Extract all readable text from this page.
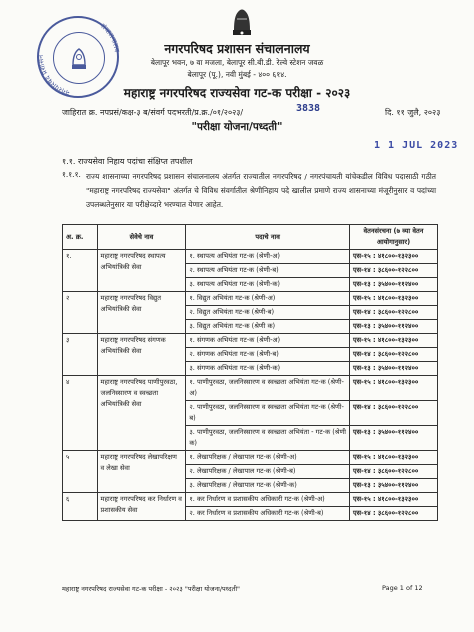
नगरपरिषद प्रशासन
संचालनालय	नगरपरिषद प्रशासन संचालनालय
बेलापूर भवन, ७ वा मजला, बेलापूर सी.बी.डी. रेल्वे स्टेशन जवळ
बेलापूर (पू.), नवी मुंबई - ४०० ६१४.
महाराष्ट्र नगरपरिषद राज्यसेवा गट-क परीक्षा - २०२३
जाहिरात क्र. नपप्रसं/कक्ष-३ ब/संवर्ग पदभरती/प्र.क्र./०१/२०२३/	3838	दि. ११ जुलै, २०२३
"परीक्षा योजना/पध्दती"
1 1 JUL 2023
१.१. राज्यसेवा निहाय पदांचा संक्षिप्त तपशील
१.१.१. राज्य शासनाच्या नगरपरिषद प्रशासन संचालनालय अंतर्गत राज्यातील नगरपरिषद / नगरपंचायती यांचेकडील विविध पदासाठी गठीत "महाराष्ट्र नगरपरिषद राज्यसेवा" अंतर्गत चे विविध संवर्गातील श्रेणीनिहाय पदे खालील प्रमाणे राज्य शासनाच्या मंजूरीनुसार व पदांच्या उपलब्धतेनुसार या परीक्षेव्दारे भरण्यात येणार आहेत.
अ. क्र.	सेवेचे नाव	पदाचे नाव	वेतनसंरचना (७ व्या वेतन आयोगानुसार)
१.	महाराष्ट्र नगरपरिषद स्थापत्य अभियांत्रिकी सेवा	१. स्थापत्य अभियंता गट-क (श्रेणी-अ)	एस-१५ : ४१८००-१३२३००
		२. स्थापत्य अभियंता गट-क (श्रेणी-ब)	एस-१४ : ३८६००-१२२८००
		३. स्थापत्य अभियंता गट-क (श्रेणी-क)	एस-१३ : ३५४००-११२४००
२	महाराष्ट्र नगरपरिषद विद्युत अभियांत्रिकी सेवा	१. विद्युत अभियंता गट-क (श्रेणी-अ)	एस-१५ : ४१८००-१३२३००
		२. विद्युत अभियंता गट-क (श्रेणी-ब)	एस-१४ : ३८६००-१२२८००
		३. विद्युत अभियंता गट-क (श्रेणी क)	एस-१३ : ३५४००-११२४००
३	महाराष्ट्र नगरपरिषद संगणक अभियांत्रिकी सेवा	१. संगणक अभियंता गट-क (श्रेणी-अ)	एस-१५ : ४१८००-१३२३००
		२. संगणक अभियंता गट-क (श्रेणी-ब)	एस-१४ : ३८६००-१२२८००
		३. संगणक अभियंता गट-क (श्रेणी-क)	एस-१३ : ३५४००-११२४००
४	महाराष्ट्र नगरपरिषद पाणीपुरवठा, जलनिस्सारण व स्वच्छता अभियांत्रिकी सेवा	१. पाणीपुरवठा, जलनिस्सारण व स्वच्छता अभियंता गट-क (श्रेणी-अ)	एस-१५ : ४१८००-१३२३००
		२. पाणीपुरवठा, जलनिस्सारण व स्वच्छता अभियंता गट-क (श्रेणी-ब)	एस-१४ : ३८६००-१२२८००
		३. पाणीपुरवठा, जलनिस्सारण व स्वच्छता अभियंता - गट-क (श्रेणी क)	एस-१३ : ३५४००-११२४००
५	महाराष्ट्र नगरपरिषद लेखापरिक्षण व लेखा सेवा	१. लेखापरिक्षक / लेखापाल गट-क (श्रेणी-अ)	एस-१५ : ४१८००-१३२३००
		२. लेखापरिक्षक / लेखापाल गट-क (श्रेणी-ब)	एस-१४ : ३८६००-१२२८००
		३. लेखापरिक्षक / लेखापाल गट-क (श्रेणी-क)	एस-१३ : ३५४००-११२४००
६	महाराष्ट्र नगरपरिषद कर निर्धारण व प्रशासकीय सेवा	१. कर निर्धारण व प्रशासकीय अधिकारी गट-क (श्रेणी-अ)	एस-१५ : ४१८००-१३२३००
		२. कर निर्धारण व प्रशासकीय अधिकारी गट-क (श्रेणी-ब)	एस-१४ : ३८६००-१२२८००
महाराष्ट्र नगरपरिषद राज्यसेवा गट-क परीक्षा - २०२३ "परीक्षा योजना/पध्दती"	Page 1 of 12
